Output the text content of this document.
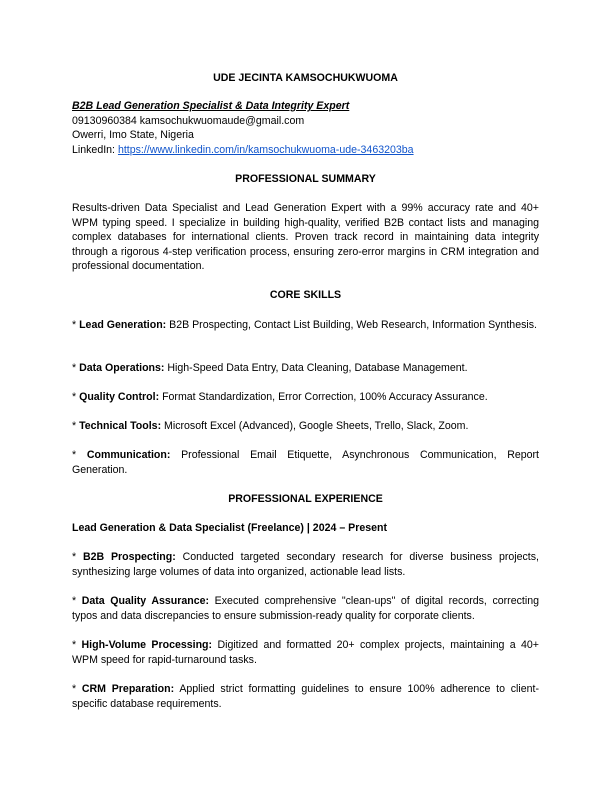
UDE JECINTA KAMSOCHUKWUOMA
B2B Lead Generation Specialist & Data Integrity Expert
09130960384 kamsochukwuomaude@gmail.com
Owerri, Imo State, Nigeria
LinkedIn: https://www.linkedin.com/in/kamsochukwuoma-ude-3463203ba
PROFESSIONAL SUMMARY
Results-driven Data Specialist and Lead Generation Expert with a 99% accuracy rate and 40+ WPM typing speed. I specialize in building high-quality, verified B2B contact lists and managing complex databases for international clients. Proven track record in maintaining data integrity through a rigorous 4-step verification process, ensuring zero-error margins in CRM integration and professional documentation.
CORE SKILLS
* Lead Generation: B2B Prospecting, Contact List Building, Web Research, Information Synthesis.
* Data Operations: High-Speed Data Entry, Data Cleaning, Database Management.
* Quality Control: Format Standardization, Error Correction, 100% Accuracy Assurance.
* Technical Tools: Microsoft Excel (Advanced), Google Sheets, Trello, Slack, Zoom.
* Communication: Professional Email Etiquette, Asynchronous Communication, Report Generation.
PROFESSIONAL EXPERIENCE
Lead Generation & Data Specialist (Freelance) | 2024 – Present
* B2B Prospecting: Conducted targeted secondary research for diverse business projects, synthesizing large volumes of data into organized, actionable lead lists.
* Data Quality Assurance: Executed comprehensive "clean-ups" of digital records, correcting typos and data discrepancies to ensure submission-ready quality for corporate clients.
* High-Volume Processing: Digitized and formatted 20+ complex projects, maintaining a 40+ WPM speed for rapid-turnaround tasks.
* CRM Preparation: Applied strict formatting guidelines to ensure 100% adherence to client-specific database requirements.
